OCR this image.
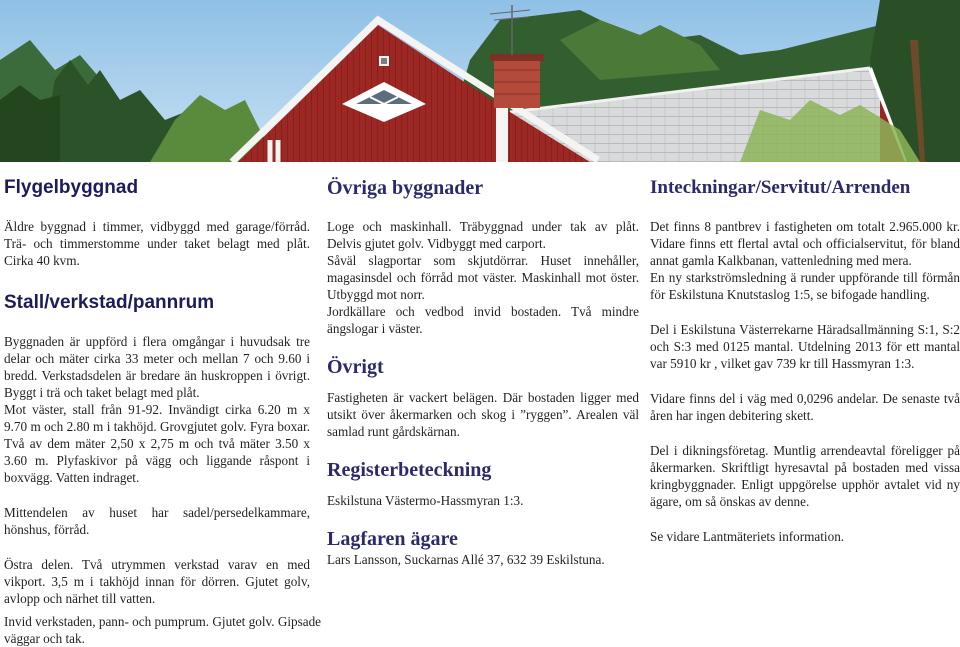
Flygelbyggnad

Äldre byggnad i timmer, vidbyggd med garage/förråd. Trä- och timmerstomme under taket belagt med plåt. Cirka 40 kvm.

Stall/verkstad/pannrum

Byggnaden är uppförd i flera omgångar i huvudsak tre delar och mäter cirka 33 meter och mellan 7 och 9.60 i bredd. Verkstadsdelen är bredare än huskroppen i övrigt. Byggt i trä och taket belagt med plåt.

Mot väster, stall från 91-92. Invändigt cirka 6.20 m x 9.70 m och 2.80 m i takhöjd. Grovgjutet golv. Fyra boxar. Två av dem mäter 2,50 x 2,75 m och två mäter 3.50 x 3.60 m. Plyfaskivor på vägg och liggande råspont i boxvägg. Vatten indraget.

Mittendelen av huset har sadel/persedelkammare, hönshus, förråd.

Östra delen. Två utrymmen verkstad varav en med vikport. 3,5 m i takhöjd innan för dörren. Gjutet golv, avlopp och närhet till vatten.

Invid verkstaden, pann- och pumprum. Gjutet golv. Gipsade väggar och tak.

Övriga byggnader

Loge och maskinhall. Träbyggnad under tak av plåt. Delvis gjutet golv. Vidbyggt med carport.

Såväl slagportar som skjutdörrar. Huset innehåller, magasinsdel och förråd mot väster. Maskinhall mot öster. Utbyggd mot norr.

Jordkällare och vedbod invid bostaden. Två mindre ängslogar i väster.

Övrigt

Fastigheten är vackert belägen. Där bostaden ligger med utsikt över åkermarken och skog i ”ryggen”. Arealen väl samlad runt gårdskärnan.

Registerbeteckning

Eskilstuna Västermo-Hassmyran 1:3.

Lagfaren ägare

Lars Lansson, Suckarnas Allé 37, 632 39 Eskilstuna.

Inteckningar/Servitut/Arrenden

Det finns 8 pantbrev i fastigheten om totalt 2.965.000 kr. Vidare finns ett flertal avtal och officialservitut, för bland annat gamla Kalkbanan, vattenledning med mera.

En ny starkströmsledning ä runder uppförande till förmån för Eskilstuna Knutstaslog 1:5, se bifogade handling.

Del i Eskilstuna Västerrekarne Häradsallmänning S:1, S:2 och S:3 med 0125 mantal. Utdelning 2013 för ett mantal var 5910 kr , vilket gav 739 kr till Hassmyran 1:3.

Vidare finns del i väg med 0,0296 andelar. De senaste två åren har ingen debitering skett.

Del i dikningsföretag. Muntlig arrendeavtal föreligger på åkermarken. Skriftligt hyresavtal på bostaden med vissa kringbyggnader. Enligt uppgörelse upphör avtalet vid ny ägare, om så önskas av denne.

Se vidare Lantmäteriets information.
